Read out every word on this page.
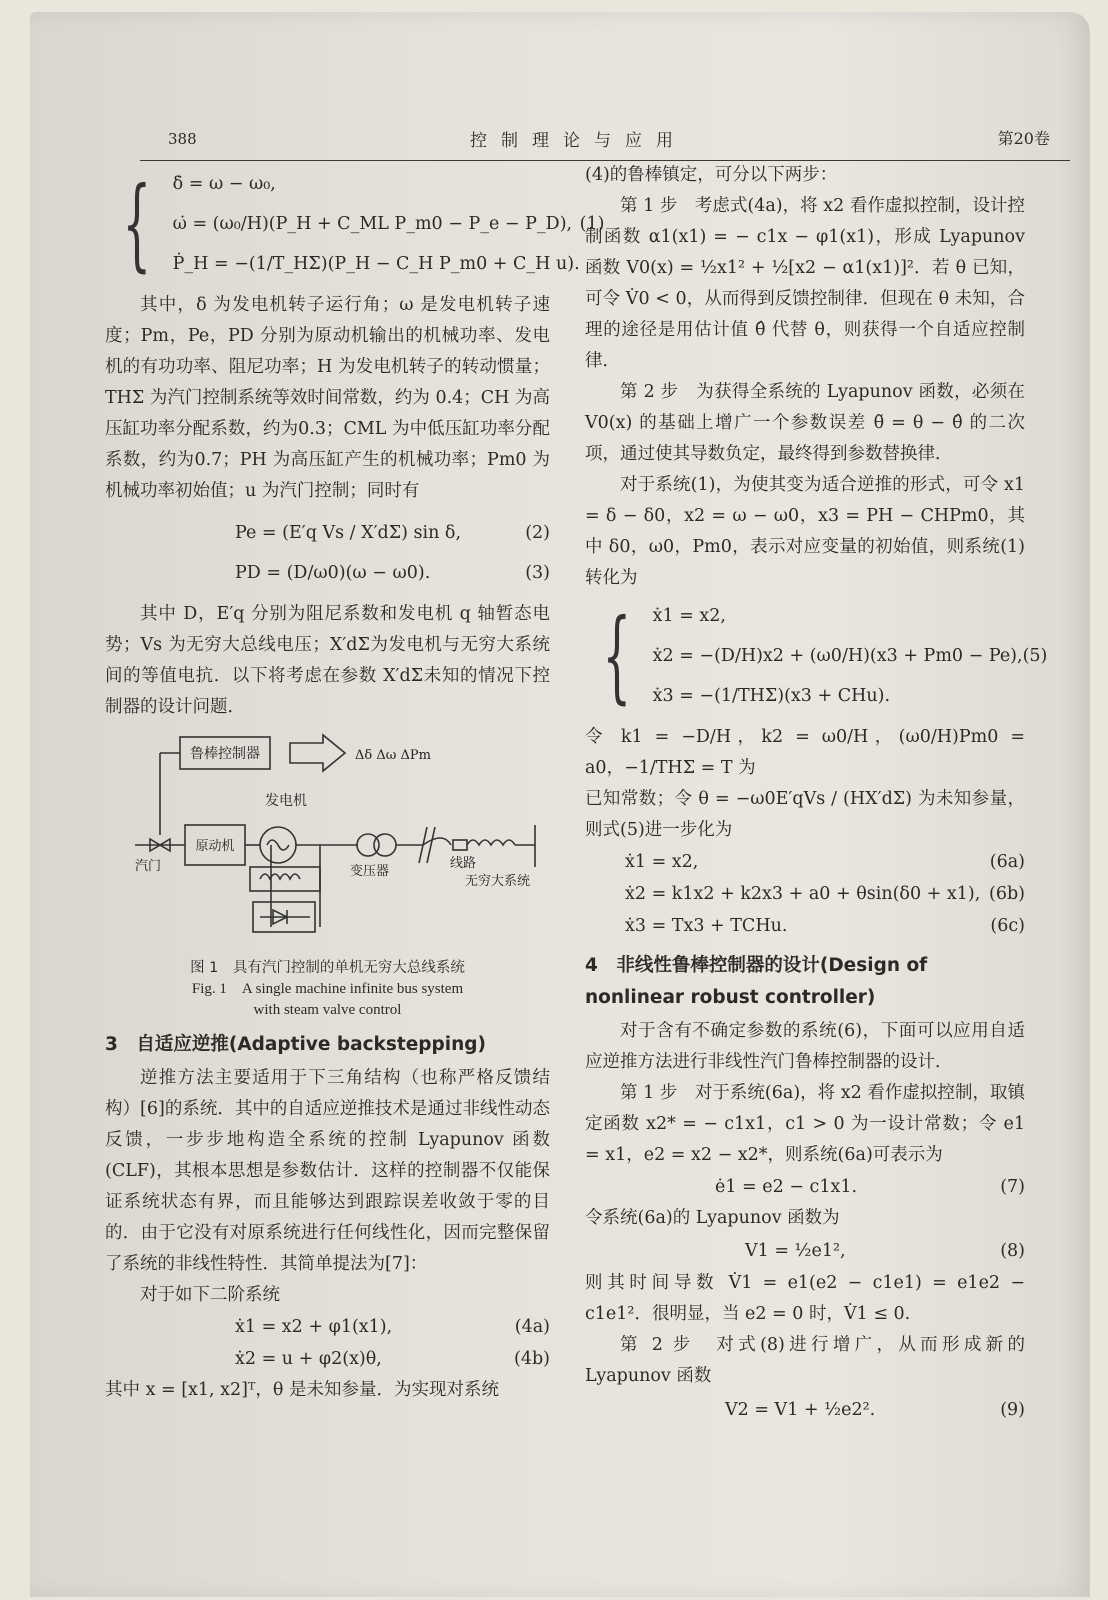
388	控制理论与应用	第20卷
{ δ̇ = ω − ω₀,
ω̇ = (ω₀/H)(P_H + C_ML P_m0 − P_e − P_D),
Ṗ_H = −(1/T_HΣ)(P_H − C_H P_m0 + C_H u).
(1)

其中，δ 为发电机转子运行角；ω 是发电机转子速度；Pm，Pe，PD 分别为原动机输出的机械功率、发电机的有功功率、阻尼功率；H 为发电机转子的转动惯量；THΣ 为汽门控制系统等效时间常数，约为 0.4；CH 为高压缸功率分配系数，约为0.3；CML 为中低压缸功率分配系数，约为0.7；PH 为高压缸产生的机械功率；Pm0 为机械功率初始值；u 为汽门控制；同时有

Pe = (E′q Vs / X′dΣ) sin δ,	(2)
PD = (D/ω0)(ω − ω0).	(3)

其中 D，E′q 分别为阻尼系数和发电机 q 轴暂态电势；Vs 为无穷大总线电压；X′dΣ为发电机与无穷大系统间的等值电抗．以下将考虑在参数 X′dΣ未知的情况下控制器的设计问题．

鲁棒控制器	Δδ Δω ΔPm
发电机
汽门
原动机
变压器
线路
无穷大系统
图 1　具有汽门控制的单机无穷大总线系统
Fig. 1　A single machine infinite bus system
with steam valve control
3　自适应逆推(Adaptive backstepping)

逆推方法主要适用于下三角结构（也称严格反馈结构）[6]的系统．其中的自适应逆推技术是通过非线性动态反馈，一步步地构造全系统的控制 Lyapunov 函数(CLF)，其根本思想是参数估计．这样的控制器不仅能保证系统状态有界，而且能够达到跟踪误差收敛于零的目的．由于它没有对原系统进行任何线性化，因而完整保留了系统的非线性特性．其简单提法为[7]：

对于如下二阶系统

ẋ1 = x2 + φ1(x1),	(4a)
ẋ2 = u + φ2(x)θ,	(4b)

其中 x = [x1, x2]ᵀ，θ 是未知参量．为实现对系统

(4)的鲁棒镇定，可分以下两步：

第 1 步　考虑式(4a)，将 x2 看作虚拟控制，设计控制函数 α1(x1) = − c1x − φ1(x1)，形成 Lyapunov 函数 V0(x) = ½x1² + ½[x2 − α1(x1)]²．若 θ 已知，可令 V̇0 < 0，从而得到反馈控制律．但现在 θ 未知，合理的途径是用估计值 θ̂ 代替 θ，则获得一个自适应控制律．

第 2 步　为获得全系统的 Lyapunov 函数，必须在 V0(x) 的基础上增广一个参数误差 θ̃ = θ − θ̂ 的二次项，通过使其导数负定，最终得到参数替换律．

对于系统(1)，为使其变为适合逆推的形式，可令 x1 = δ − δ0，x2 = ω − ω0，x3 = PH − CHPm0，其中 δ0，ω0，Pm0，表示对应变量的初始值，则系统(1)转化为

{ ẋ1 = x2,
ẋ2 = −(D/H)x2 + (ω0/H)(x3 + Pm0 − Pe),
ẋ3 = −(1/THΣ)(x3 + CHu).
(5)

令 k1 = −D/H，k2 = ω0/H，(ω0/H)Pm0 = a0，−1/THΣ = T 为

已知常数；令 θ = −ω0E′qVs / (HX′dΣ) 为未知参量，则式(5)进一步化为

ẋ1 = x2,	(6a)
ẋ2 = k1x2 + k2x3 + a0 + θsin(δ0 + x1), (6b)
ẋ3 = Tx3 + TCHu.	(6c)
4　非线性鲁棒控制器的设计(Design of nonlinear robust controller)

对于含有不确定参数的系统(6)，下面可以应用自适应逆推方法进行非线性汽门鲁棒控制器的设计．

第 1 步　对于系统(6a)，将 x2 看作虚拟控制，取镇定函数 x2* = − c1x1，c1 > 0 为一设计常数；令 e1 = x1，e2 = x2 − x2*，则系统(6a)可表示为

ė1 = e2 − c1x1.	(7)

令系统(6a)的 Lyapunov 函数为

V1 = ½e1²,	(8)

则其时间导数 V̇1 = e1(e2 − c1e1) = e1e2 − c1e1²．很明显，当 e2 = 0 时，V̇1 ≤ 0.

第 2 步　对式(8)进行增广，从而形成新的 Lyapunov 函数

V2 = V1 + ½e2².	(9)
